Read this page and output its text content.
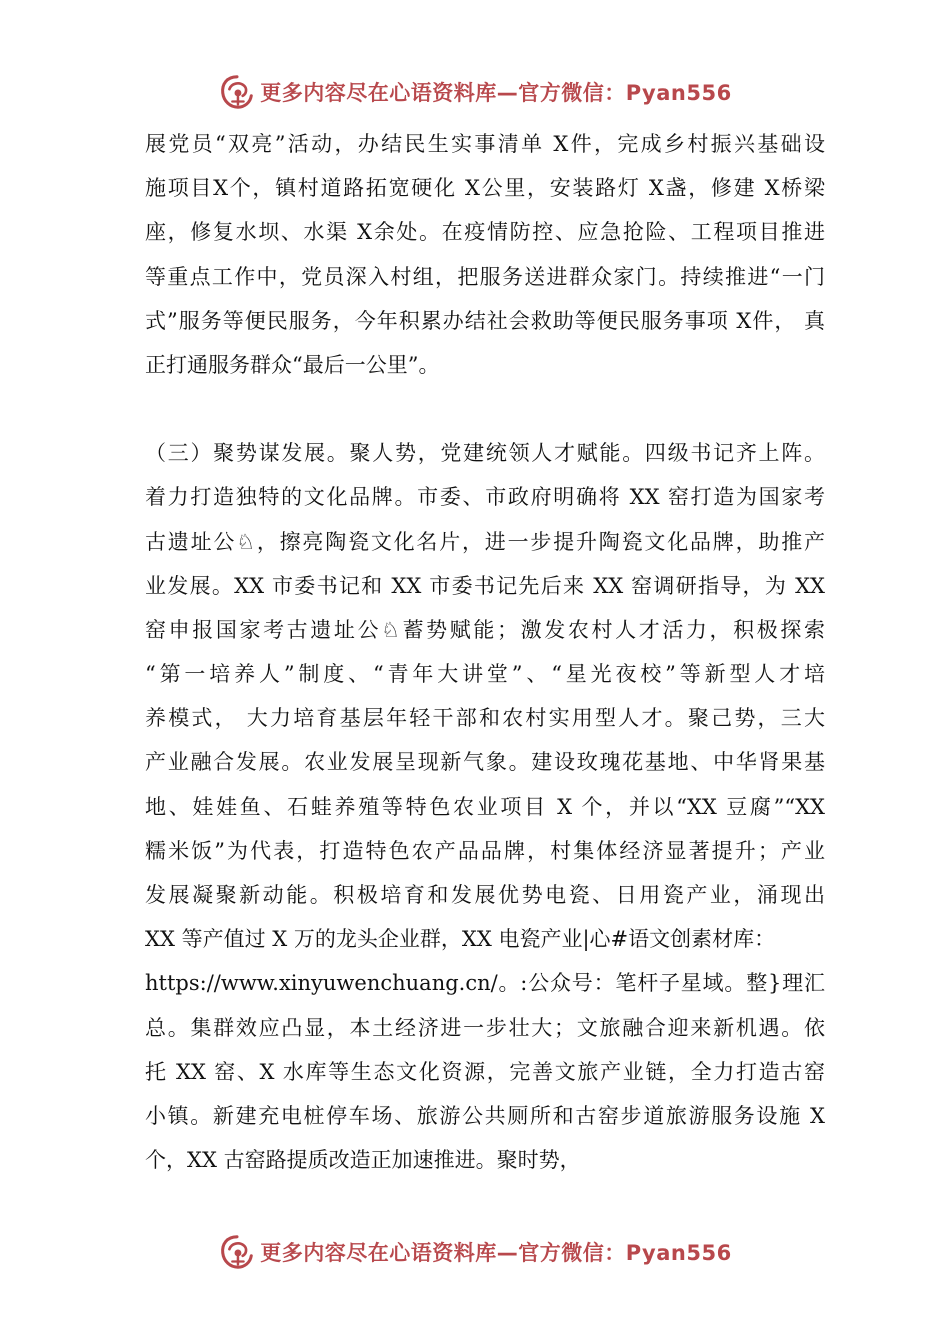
更多内容尽在心语资料库—官方微信：Pyan556
展党员“双亮”活动，办结民生实事清单 X件，完成乡村振兴基础设
施项目X个，镇村道路拓宽硬化 X公里，安装路灯 X盏，修建 X桥梁
座，修复水坝、水渠 X余处。在疫情防控、应急抢险、工程项目推进
等重点工作中，党员深入村组，把服务送进群众家门。持续推进“一门
式”服务等便民服务，今年积累办结社会救助等便民服务事项 X件， 真
正打通服务群众“最后一公里”。
（三）聚势谋发展。聚人势，党建统领人才赋能。四级书记齐上阵。
着力打造独特的文化品牌。市委、市政府明确将 XX 窑打造为国家考
古遗址公♘，擦亮陶瓷文化名片，进一步提升陶瓷文化品牌，助推产
业发展。XX 市委书记和 XX 市委书记先后来 XX 窑调研指导，为 XX
窑申报国家考古遗址公♘蓄势赋能；激发农村人才活力，积极探索
“第一培养人”制度、“青年大讲堂”、“星光夜校”等新型人才培
养模式， 大力培育基层年轻干部和农村实用型人才。聚己势，三大
产业融合发展。农业发展呈现新气象。建设玫瑰花基地、中华肾果基
地、娃娃鱼、石蛙养殖等特色农业项目 X 个，并以“XX 豆腐”“XX
糯米饭”为代表，打造特色农产品品牌，村集体经济显著提升；产业
发展凝聚新动能。积极培育和发展优势电瓷、日用瓷产业，涌现出
XX 等产值过 X 万的龙头企业群，XX 电瓷产业|心#语文创素材库：
https://www.xinyuwenchuang.cn/。:公众号：笔杆子星域。整}理汇
总。集群效应凸显，本土经济进一步壮大；文旅融合迎来新机遇。依
托 XX 窑、X 水库等生态文化资源，完善文旅产业链，全力打造古窑
小镇。新建充电桩停车场、旅游公共厕所和古窑步道旅游服务设施 X
个，XX 古窑路提质改造正加速推进。聚时势，
更多内容尽在心语资料库—官方微信：Pyan556
